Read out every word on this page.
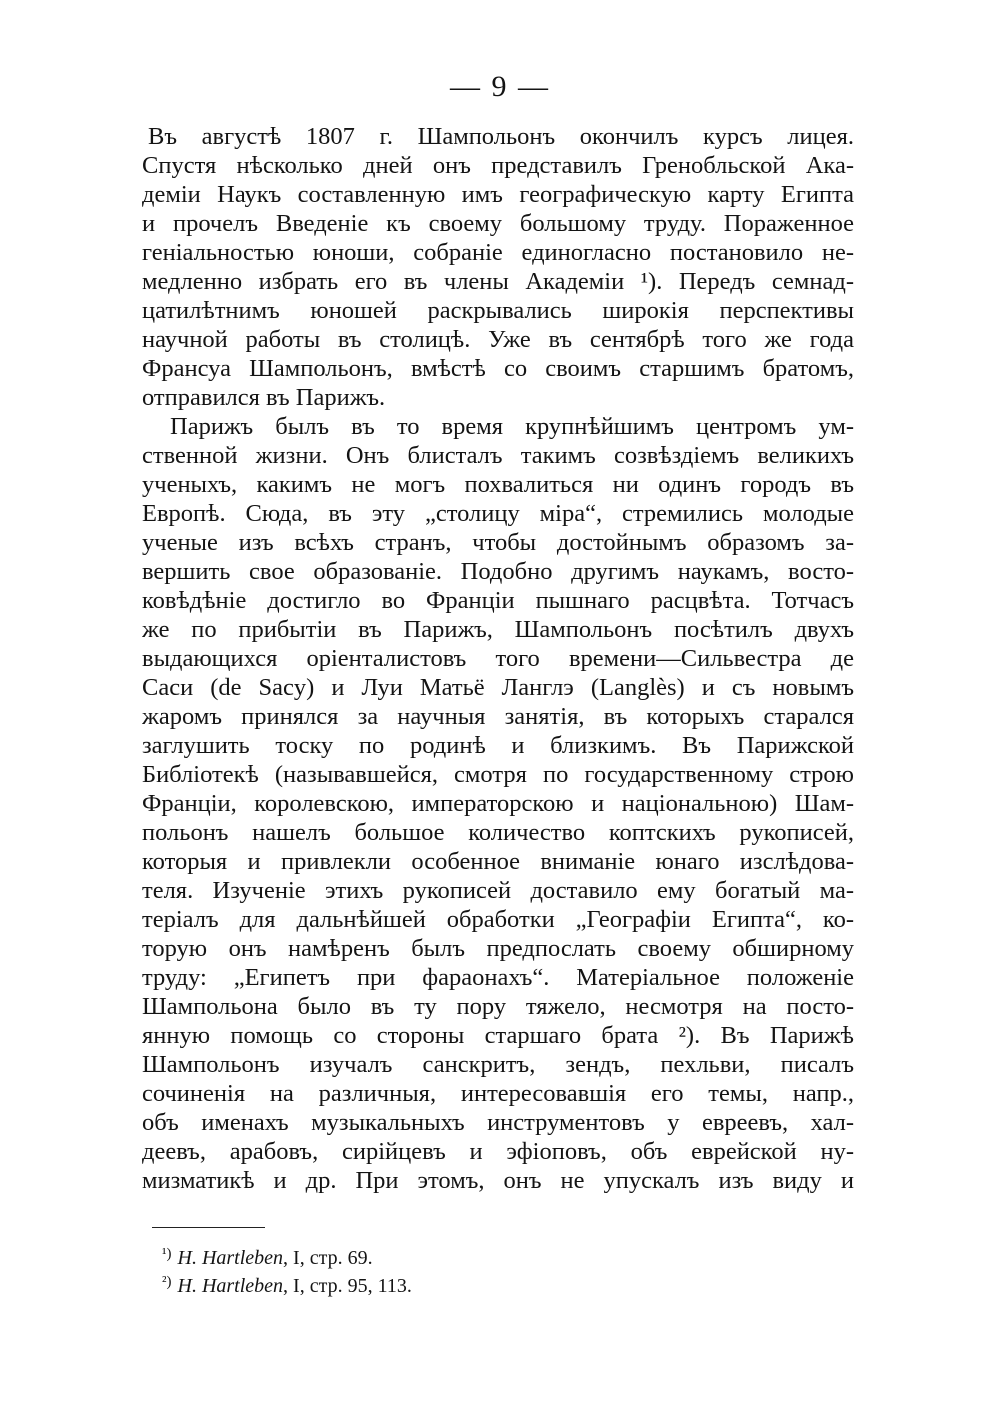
— 9 —
Въ августѣ 1807 г. Шампольонъ окончилъ курсъ лицея.
Спустя нѣсколько дней онъ представилъ Гренобльской Ака-
деміи Наукъ составленную имъ географическую карту Египта
и прочелъ Введеніе къ своему большому труду. Пораженное
геніальностью юноши, собраніе единогласно постановило не-
медленно избрать его въ члены Академіи ¹). Передъ семнад-
цатилѣтнимъ юношей раскрывались широкія перспективы
научной работы въ столицѣ. Уже въ сентябрѣ того же года
Франсуа Шампольонъ, вмѣстѣ со своимъ старшимъ братомъ,
отправился въ Парижъ.
Парижъ былъ въ то время крупнѣйшимъ центромъ ум-
ственной жизни. Онъ блисталъ такимъ созвѣздіемъ великихъ
ученыхъ, какимъ не могъ похвалиться ни одинъ городъ въ
Европѣ. Сюда, въ эту „столицу міра“, стремились молодые
ученые изъ всѣхъ странъ, чтобы достойнымъ образомъ за-
вершить свое образованіе. Подобно другимъ наукамъ, восто-
ковѣдѣніе достигло во Франціи пышнаго расцвѣта. Тотчасъ
же по прибытіи въ Парижъ, Шампольонъ посѣтилъ двухъ
выдающихся оріенталистовъ того времени—Сильвестра де
Саси (de Sacy) и Луи Матьё Ланглэ (Langlès) и съ новымъ
жаромъ принялся за научныя занятія, въ которыхъ старался
заглушить тоску по родинѣ и близкимъ. Въ Парижской
Библіотекѣ (называвшейся, смотря по государственному строю
Франціи, королевскою, императорскою и національною) Шам-
польонъ нашелъ большое количество коптскихъ рукописей,
которыя и привлекли особенное вниманіе юнаго изслѣдова-
теля. Изученіе этихъ рукописей доставило ему богатый ма-
теріалъ для дальнѣйшей обработки „Географіи Египта“, ко-
торую онъ намѣренъ былъ предпослать своему обширному
труду: „Египетъ при фараонахъ“. Матеріальное положеніе
Шампольона было въ ту пору тяжело, несмотря на посто-
янную помощь со стороны старшаго брата ²). Въ Парижѣ
Шампольонъ изучалъ санскритъ, зендъ, пехльви, писалъ
сочиненія на различныя, интересовавшія его темы, напр.,
объ именахъ музыкальныхъ инструментовъ у евреевъ, хал-
деевъ, арабовъ, сирійцевъ и эфіоповъ, объ еврейской ну-
мизматикѣ и др. При этомъ, онъ не упускалъ изъ виду и
$^{^1)}$ H. Hartleben, I, стр. 69.
$^{^2)}$ H. Hartleben, I, стр. 95, 113.
